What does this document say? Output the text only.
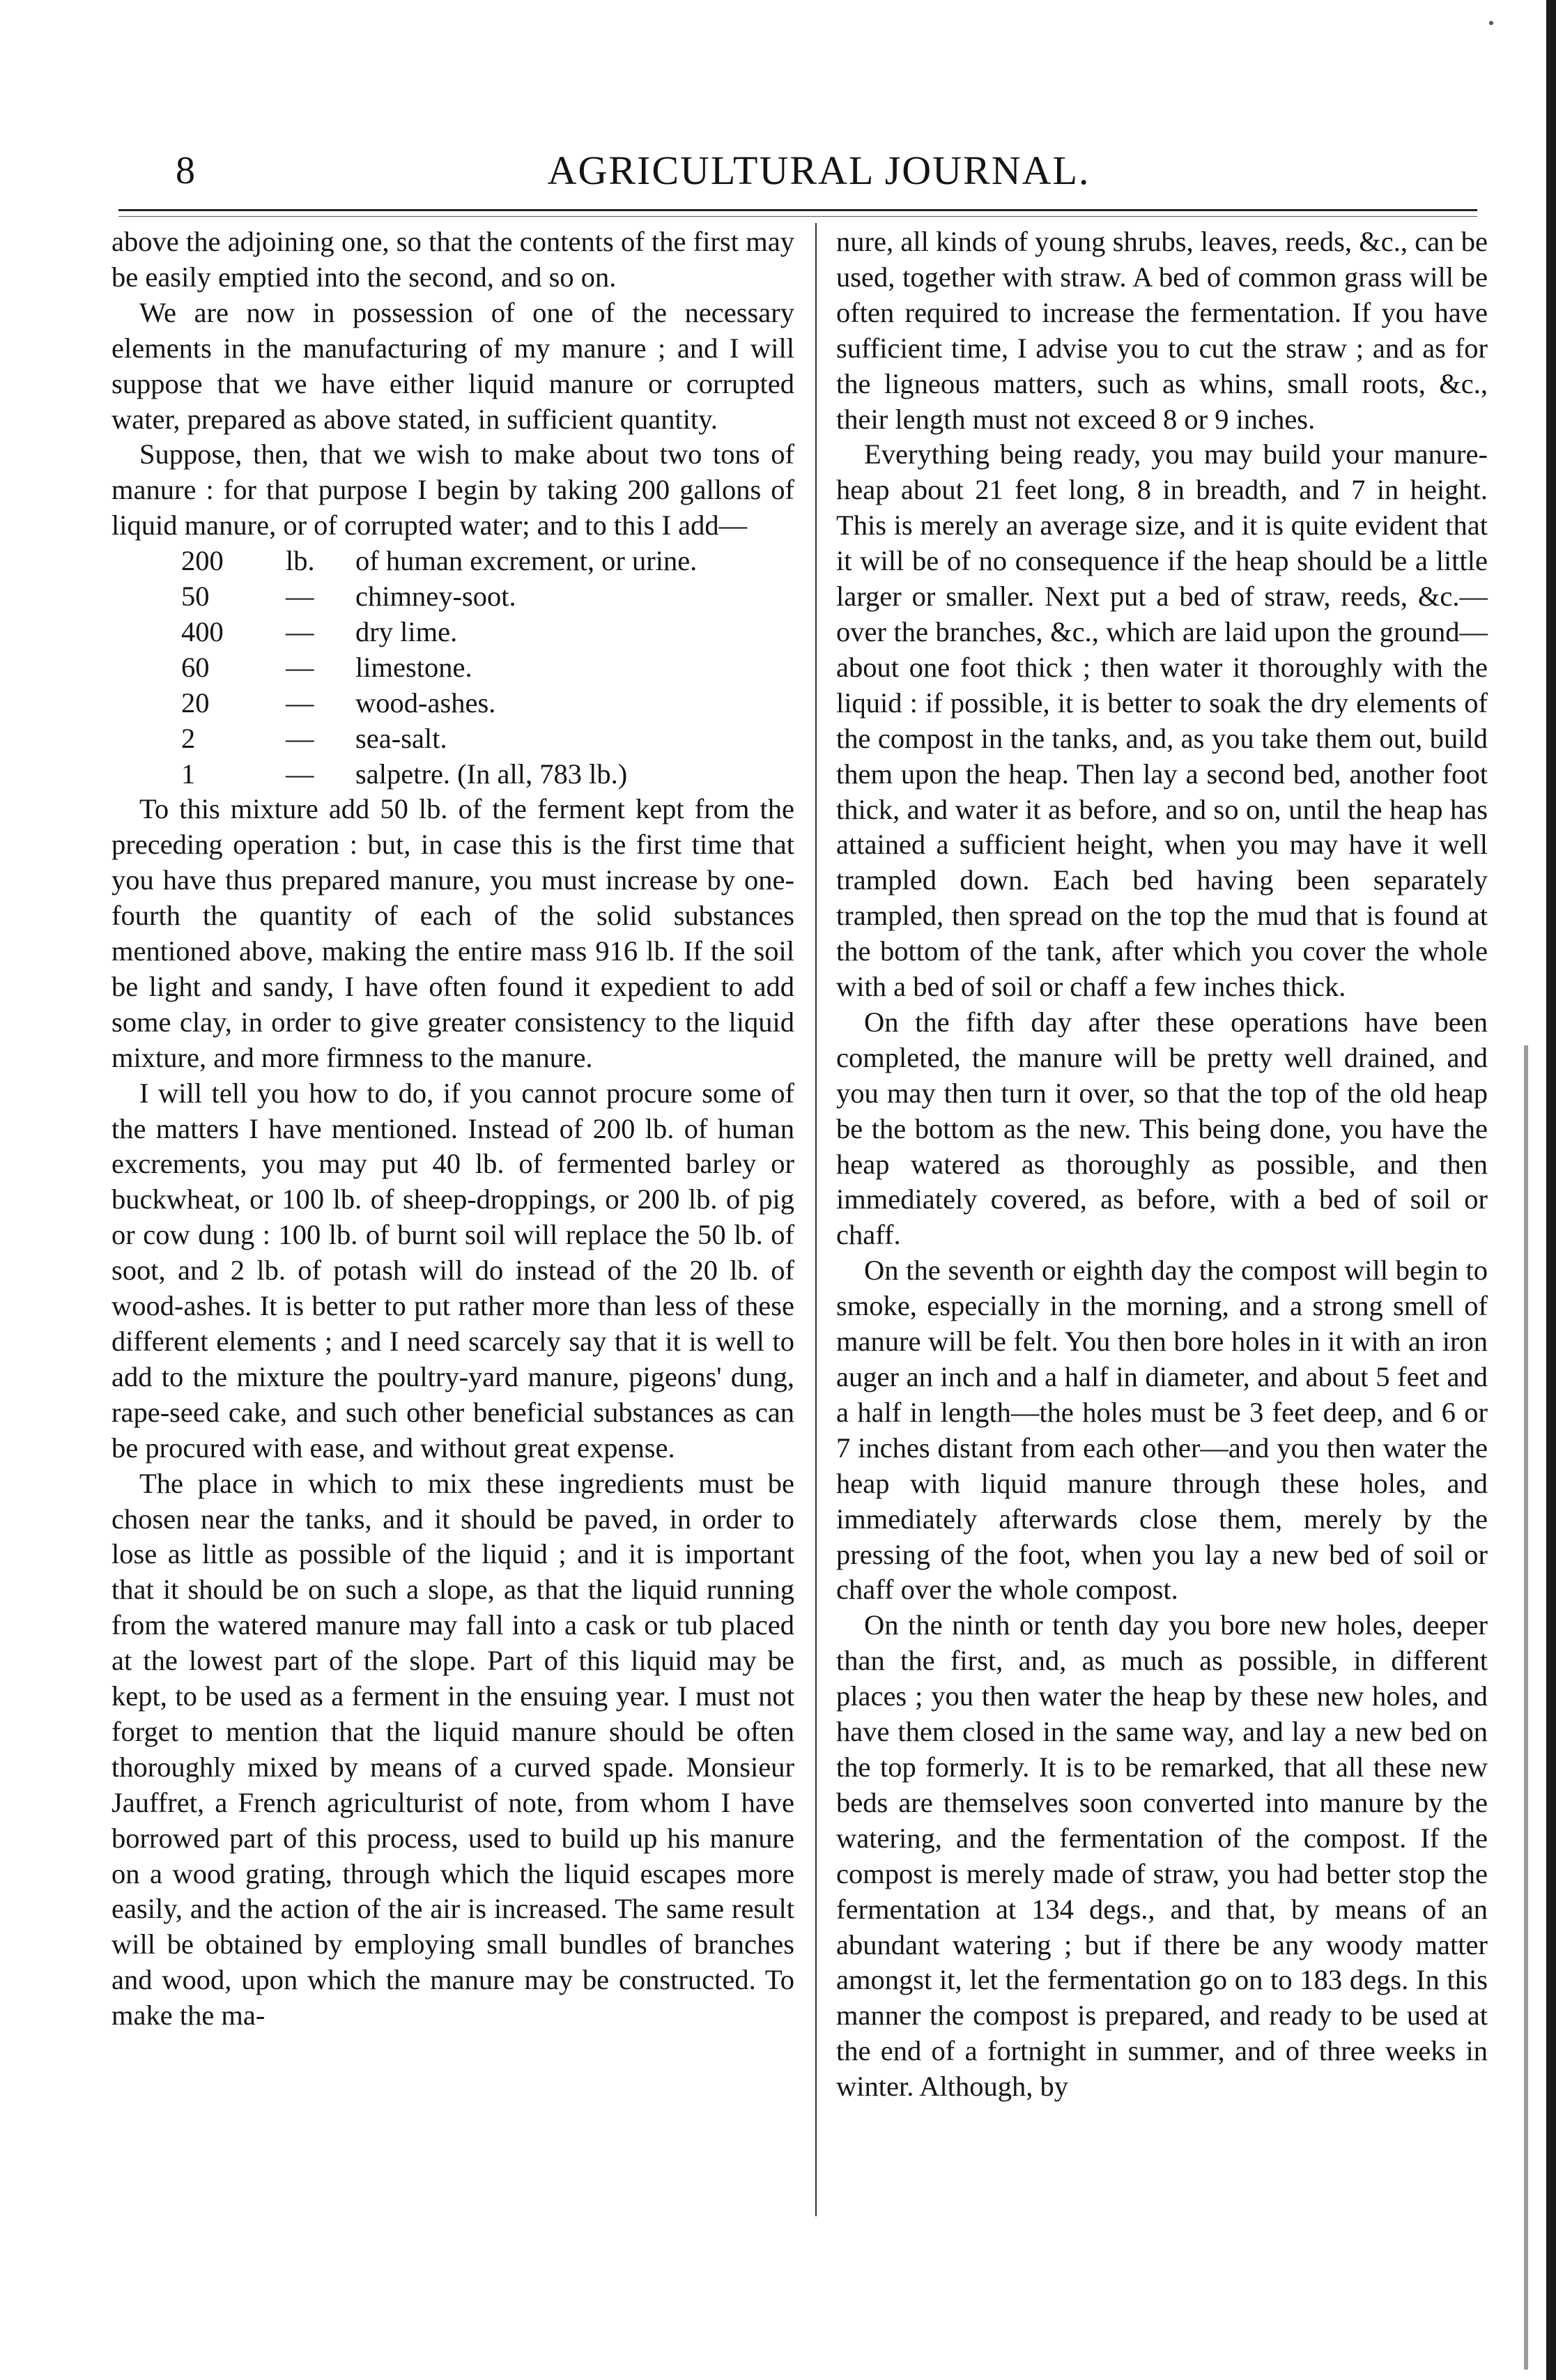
8	AGRICULTURAL JOURNAL.

above the adjoining one, so that the contents of the first may be easily emptied into the second, and so on.

We are now in possession of one of the necessary elements in the manufacturing of my manure ; and I will suppose that we have either liquid manure or corrupted water, prepared as above stated, in sufficient quantity.

Suppose, then, that we wish to make about two tons of manure : for that purpose I begin by taking 200 gallons of liquid manure, or of corrupted water; and to this I add—

200	lb.	of human excrement, or urine.
50	—	chimney-soot.
400	—	dry lime.
60	—	limestone.
20	—	wood-ashes.
2	—	sea-salt.
1	—	salpetre. (In all, 783 lb.)

To this mixture add 50 lb. of the ferment kept from the preceding operation : but, in case this is the first time that you have thus prepared manure, you must increase by one-fourth the quantity of each of the solid substances mentioned above, making the entire mass 916 lb. If the soil be light and sandy, I have often found it expedient to add some clay, in order to give greater consistency to the liquid mixture, and more firmness to the manure.

I will tell you how to do, if you cannot procure some of the matters I have mentioned. Instead of 200 lb. of human excrements, you may put 40 lb. of fermented barley or buckwheat, or 100 lb. of sheep-droppings, or 200 lb. of pig or cow dung : 100 lb. of burnt soil will replace the 50 lb. of soot, and 2 lb. of potash will do instead of the 20 lb. of wood-ashes. It is better to put rather more than less of these different elements ; and I need scarcely say that it is well to add to the mixture the poultry-yard manure, pigeons' dung, rape-seed cake, and such other beneficial substances as can be procured with ease, and without great expense.

The place in which to mix these ingredients must be chosen near the tanks, and it should be paved, in order to lose as little as possible of the liquid ; and it is important that it should be on such a slope, as that the liquid running from the watered manure may fall into a cask or tub placed at the lowest part of the slope. Part of this liquid may be kept, to be used as a ferment in the ensuing year. I must not forget to mention that the liquid manure should be often thoroughly mixed by means of a curved spade. Monsieur Jauffret, a French agriculturist of note, from whom I have borrowed part of this process, used to build up his manure on a wood grating, through which the liquid escapes more easily, and the action of the air is increased. The same result will be obtained by employing small bundles of branches and wood, upon which the manure may be constructed. To make the ma-

nure, all kinds of young shrubs, leaves, reeds, &c., can be used, together with straw. A bed of common grass will be often required to increase the fermentation. If you have sufficient time, I advise you to cut the straw ; and as for the ligneous matters, such as whins, small roots, &c., their length must not exceed 8 or 9 inches.

Everything being ready, you may build your manure-heap about 21 feet long, 8 in breadth, and 7 in height. This is merely an average size, and it is quite evident that it will be of no consequence if the heap should be a little larger or smaller. Next put a bed of straw, reeds, &c.—over the branches, &c., which are laid upon the ground—about one foot thick ; then water it thoroughly with the liquid : if possible, it is better to soak the dry elements of the compost in the tanks, and, as you take them out, build them upon the heap. Then lay a second bed, another foot thick, and water it as before, and so on, until the heap has attained a sufficient height, when you may have it well trampled down. Each bed having been separately trampled, then spread on the top the mud that is found at the bottom of the tank, after which you cover the whole with a bed of soil or chaff a few inches thick.

On the fifth day after these operations have been completed, the manure will be pretty well drained, and you may then turn it over, so that the top of the old heap be the bottom as the new. This being done, you have the heap watered as thoroughly as possible, and then immediately covered, as before, with a bed of soil or chaff.

On the seventh or eighth day the compost will begin to smoke, especially in the morning, and a strong smell of manure will be felt. You then bore holes in it with an iron auger an inch and a half in diameter, and about 5 feet and a half in length—the holes must be 3 feet deep, and 6 or 7 inches distant from each other—and you then water the heap with liquid manure through these holes, and immediately afterwards close them, merely by the pressing of the foot, when you lay a new bed of soil or chaff over the whole compost.

On the ninth or tenth day you bore new holes, deeper than the first, and, as much as possible, in different places ; you then water the heap by these new holes, and have them closed in the same way, and lay a new bed on the top formerly. It is to be remarked, that all these new beds are themselves soon converted into manure by the watering, and the fermentation of the compost. If the compost is merely made of straw, you had better stop the fermentation at 134 degs., and that, by means of an abundant watering ; but if there be any woody matter amongst it, let the fermentation go on to 183 degs. In this manner the compost is prepared, and ready to be used at the end of a fortnight in summer, and of three weeks in winter. Although, by
